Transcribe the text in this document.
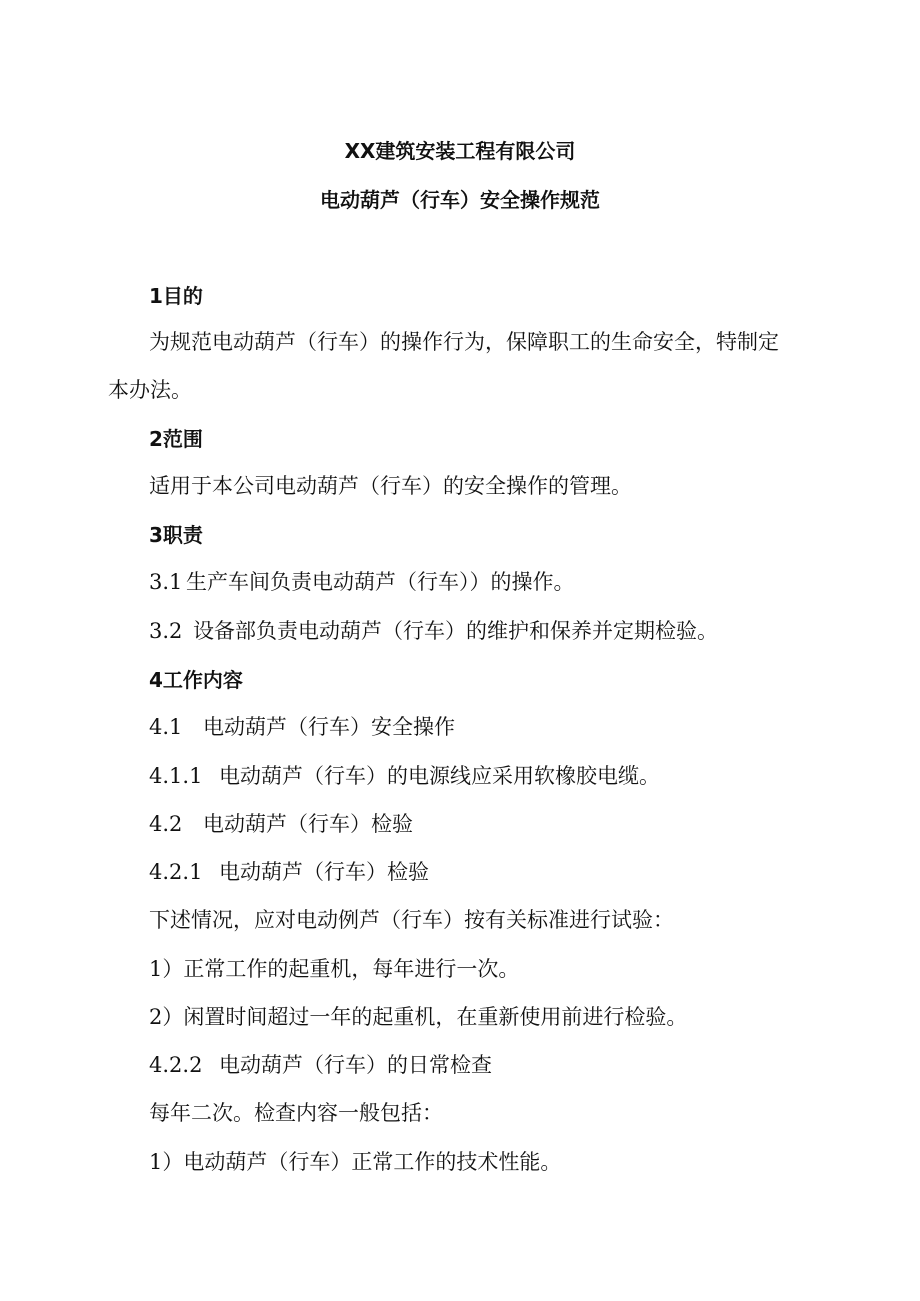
XX建筑安装工程有限公司
电动葫芦（行车）安全操作规范
1目的
为规范电动葫芦（行车）的操作行为，保障职工的生命安全，特制定
本办法。
2范围
适用于本公司电动葫芦（行车）的安全操作的管理。
3职责
3.1 生产车间负责电动葫芦（行车））的操作。
3.2 设备部负责电动葫芦（行车）的维护和保养并定期检验。
4工作内容
4.1 电动葫芦（行车）安全操作
4.1.1 电动葫芦（行车）的电源线应采用软橡胶电缆。
4.2 电动葫芦（行车）检验
4.2.1 电动葫芦（行车）检验
下述情况，应对电动例芦（行车）按有关标准进行试验：
1）正常工作的起重机，每年进行一次。
2）闲置时间超过一年的起重机，在重新使用前进行检验。
4.2.2 电动葫芦（行车）的日常检查
每年二次。检查内容一般包括：
1）电动葫芦（行车）正常工作的技术性能。
